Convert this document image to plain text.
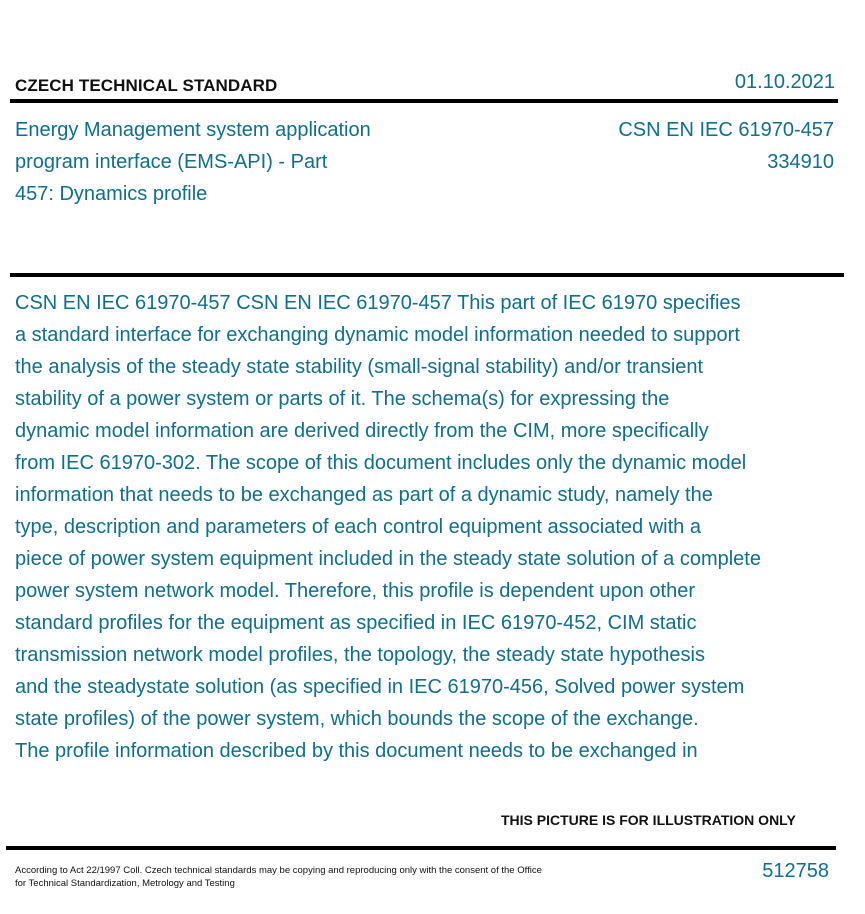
CZECH TECHNICAL STANDARD	01.10.2021
Energy Management system application
program interface (EMS-API) - Part
457: Dynamics profile
CSN EN IEC 61970-457
334910
CSN EN IEC 61970-457 CSN EN IEC 61970-457 This part of IEC 61970 specifies
a standard interface for exchanging dynamic model information needed to support
the analysis of the steady state stability (small-signal stability) and/or transient
stability of a power system or parts of it. The schema(s) for expressing the
dynamic model information are derived directly from the CIM, more specifically
from IEC 61970-302. The scope of this document includes only the dynamic model
information that needs to be exchanged as part of a dynamic study, namely the
type, description and parameters of each control equipment associated with a
piece of power system equipment included in the steady state solution of a complete
power system network model. Therefore, this profile is dependent upon other
standard profiles for the equipment as specified in IEC 61970-452, CIM static
transmission network model profiles, the topology, the steady state hypothesis
and the steadystate solution (as specified in IEC 61970-456, Solved power system
state profiles) of the power system, which bounds the scope of the exchange.
The profile information described by this document needs to be exchanged in
THIS PICTURE IS FOR ILLUSTRATION ONLY
According to Act 22/1997 Coll. Czech technical standards may be copying and reproducing only with the consent of the Office
for Technical Standardization, Metrology and Testing
512758
